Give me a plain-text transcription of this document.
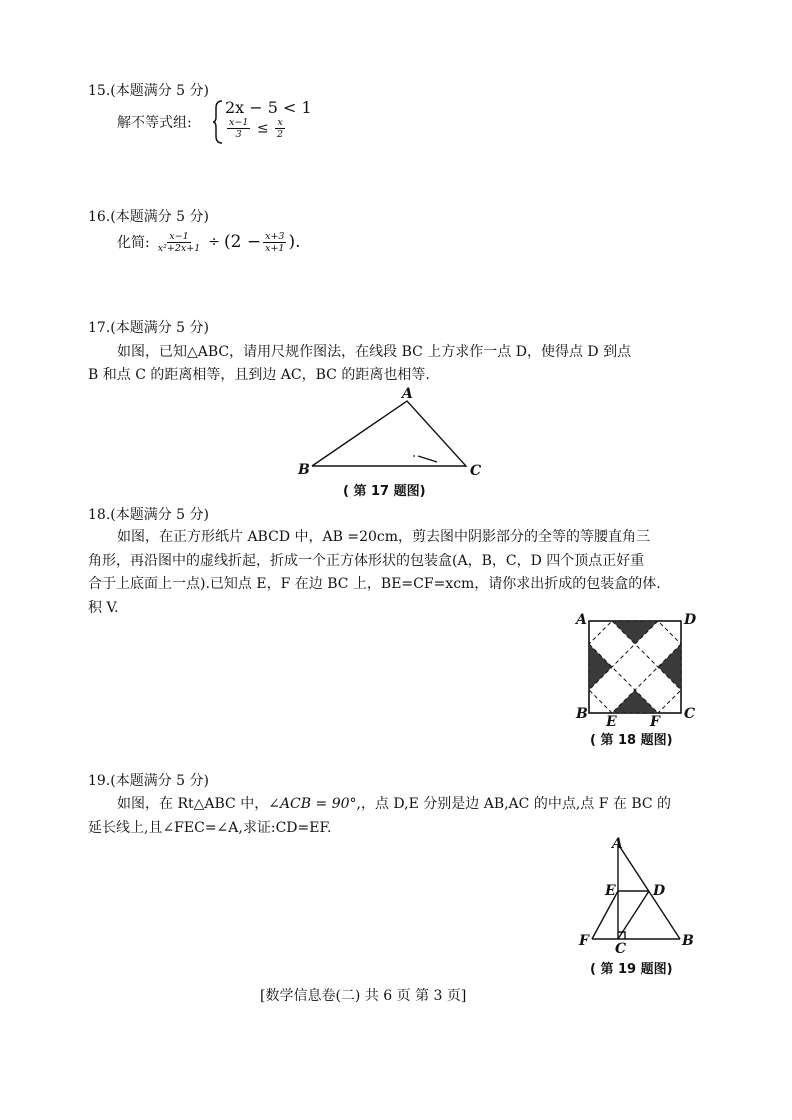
15.(本题满分 5 分)
解不等式组:
2x − 5 < 1
$\frac{x-1}{3} \le \frac{x}{2}$
16.(本题满分 5 分)
化简: $\frac{x-1}{\text{x²+2x+1}} \div (2 - \frac{x+3}{x+1}$ ).
17.(本题满分 5 分)
如图，已知△ABC，请用尺规作图法，在线段 BC 上方求作一点 D，使得点 D 到点
B 和点 C 的距离相等，且到边 AC，BC 的距离也相等.
A
B	C
( 第 17 题图)
18.(本题满分 5 分)
如图，在正方形纸片 ABCD 中，AB =20cm，剪去图中阴影部分的全等的等腰直角三
角形，再沿图中的虚线折起，折成一个正方体形状的包装盒(A，B，C，D 四个顶点正好重
合于上底面上一点).已知点 E，F 在边 BC 上，BE=CF=xcm，请你求出折成的包装盒的体.
积 V.
A	D
B	C
E F
( 第 18 题图)
19.(本题满分 5 分)
如图，在 Rt△ABC 中，∠ACB = 90°,，点 D,E 分别是边 AB,AC 的中点,点 F 在 BC 的
延长线上,且∠FEC=∠A,求证:CD=EF.
A
E	D
F C	B
( 第 19 题图)
[数学信息卷(二) 共 6 页 第 3 页]
